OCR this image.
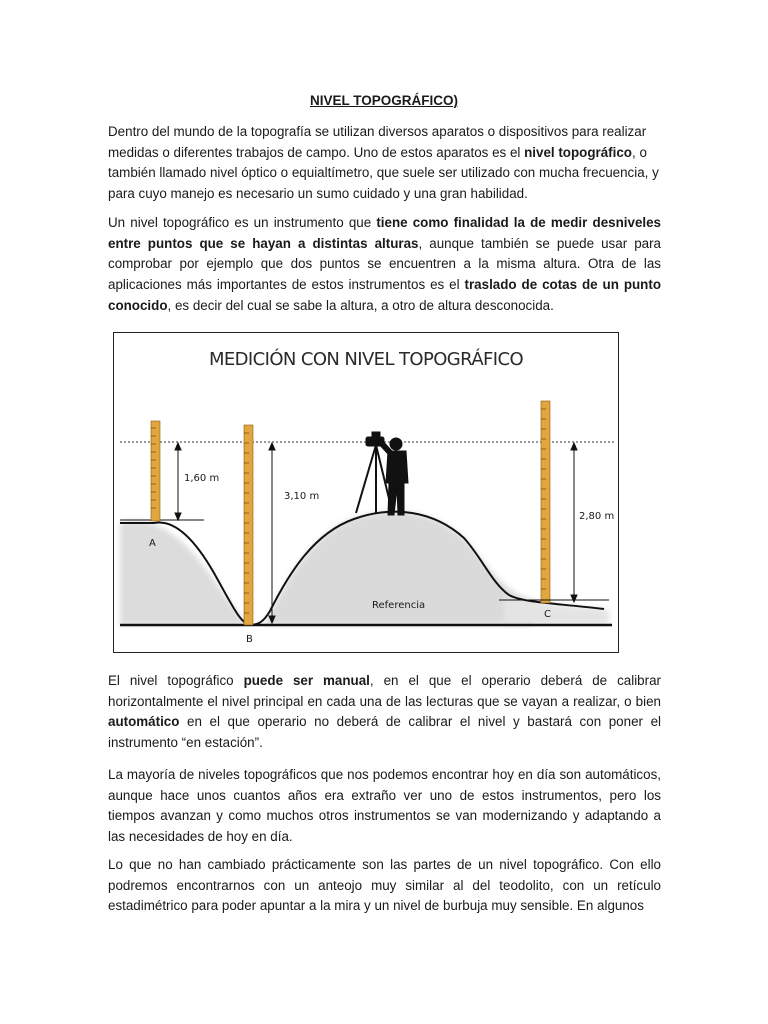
NIVEL TOPOGRÁFICO)

Dentro del mundo de la topografía se utilizan diversos aparatos o dispositivos para realizar medidas o diferentes trabajos de campo. Uno de estos aparatos es el nivel topográfico, o también llamado nivel óptico o equialtímetro, que suele ser utilizado con mucha frecuencia, y para cuyo manejo es necesario un sumo cuidado y una gran habilidad.

Un nivel topográfico es un instrumento que tiene como finalidad la de medir desniveles entre puntos que se hayan a distintas alturas, aunque también se puede usar para comprobar por ejemplo que dos puntos se encuentren a la misma altura. Otra de las aplicaciones más importantes de estos instrumentos es el traslado de cotas de un punto conocido, es decir del cual se sabe la altura, a otro de altura desconocida.

MEDICIÓN CON NIVEL TOPOGRÁFICO
1,60 m
3,10 m
2,80 m
A
B
C
Referencia

El nivel topográfico puede ser manual, en el que el operario deberá de calibrar horizontalmente el nivel principal en cada una de las lecturas que se vayan a realizar, o bien automático en el que operario no deberá de calibrar el nivel y bastará con poner el instrumento “en estación”.

La mayoría de niveles topográficos que nos podemos encontrar hoy en día son automáticos, aunque hace unos cuantos años era extraño ver uno de estos instrumentos, pero los tiempos avanzan y como muchos otros instrumentos se van modernizando y adaptando a las necesidades de hoy en día.

Lo que no han cambiado prácticamente son las partes de un nivel topográfico. Con ello podremos encontrarnos con un anteojo muy similar al del teodolito, con un retículo estadimétrico para poder apuntar a la mira y un nivel de burbuja muy sensible. En algunos
